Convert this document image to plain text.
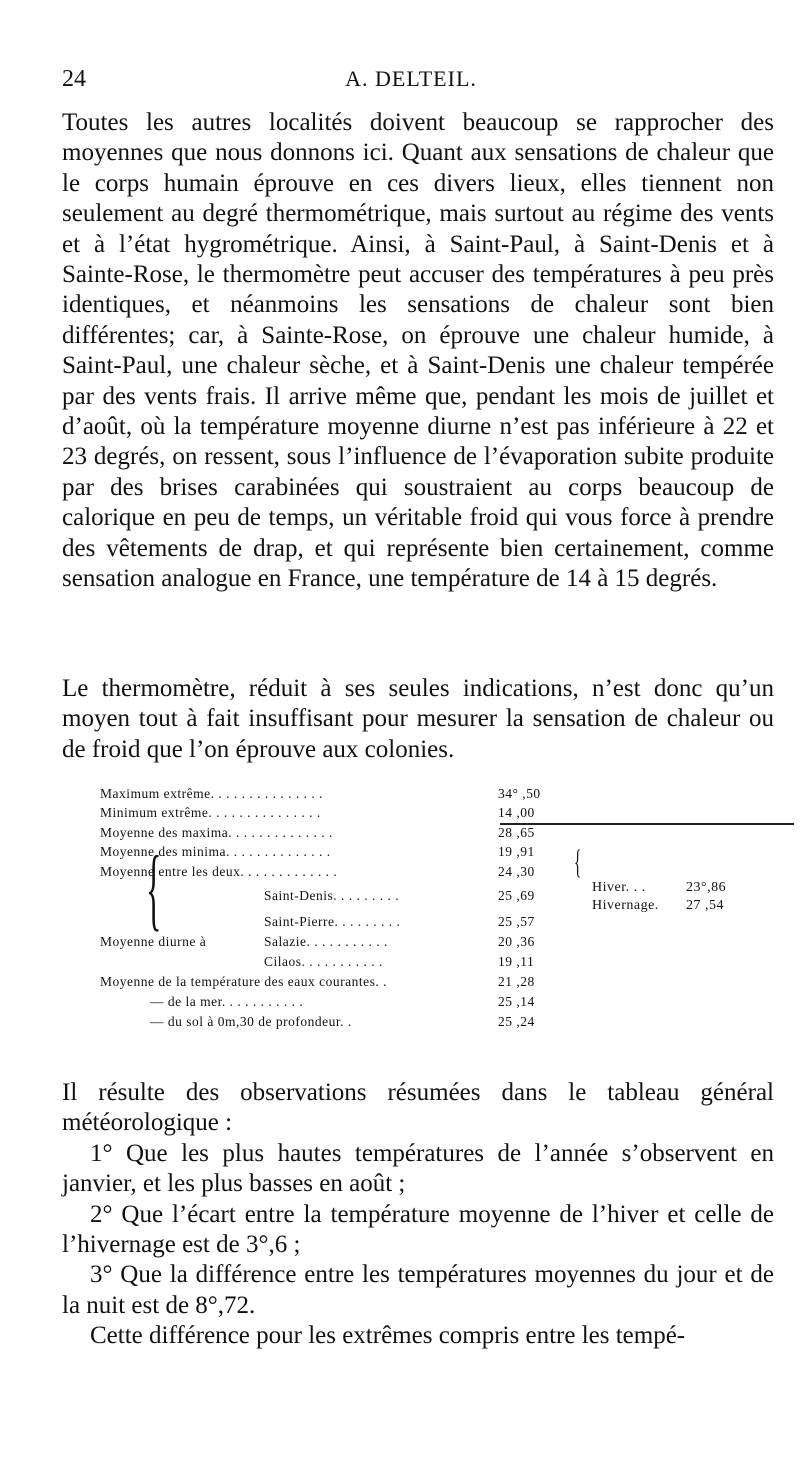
24	A. DELTEIL.

Toutes les autres localités doivent beaucoup se rapprocher des moyennes que nous donnons ici. Quant aux sensations de chaleur que le corps humain éprouve en ces divers lieux, elles tiennent non seulement au degré thermométrique, mais surtout au régime des vents et à l’état hygrométrique. Ainsi, à Saint-Paul, à Saint-Denis et à Sainte-Rose, le thermomètre peut accuser des températures à peu près identiques, et néanmoins les sensations de chaleur sont bien différentes; car, à Sainte-Rose, on éprouve une chaleur humide, à Saint-Paul, une chaleur sèche, et à Saint-Denis une chaleur tempérée par des vents frais. Il arrive même que, pendant les mois de juillet et d’août, où la température moyenne diurne n’est pas inférieure à 22 et 23 degrés, on ressent, sous l’influence de l’évaporation subite produite par des brises carabinées qui soustraient au corps beaucoup de calorique en peu de temps, un véritable froid qui vous force à prendre des vêtements de drap, et qui représente bien certainement, comme sensation analogue en France, une température de 14 à 15 degrés.

Le thermomètre, réduit à ses seules indications, n’est donc qu’un moyen tout à fait insuffisant pour mesurer la sensation de chaleur ou de froid que l’on éprouve aux colonies.

Maximum extrême. . . . . . . . . . . . . . .	34° ,50
Minimum extrême. . . . . . . . . . . . . . .	14 ,00
Moyenne des maxima. . . . . . . . . . . . . .	28 ,65
Moyenne des minima. . . . . . . . . . . . . .	19 ,91
Moyenne entre les deux. . . . . . . . . . . . .	24 ,30
Moyenne diurne à
Saint-Denis. . . . . . . . .	25 ,69
Saint-Pierre. . . . . . . . .	25 ,57
Salazie. . . . . . . . . . .	20 ,36
Cilaos. . . . . . . . . . .	19 ,11
Moyenne de la température des eaux courantes. .	21 ,28
— de la mer. . . . . . . . . . .	25 ,14
— du sol à 0m,30 de profondeur. .	25 ,24
Hiver. . .	23°,86
Hivernage. 27 ,54
{	{

Il résulte des observations résumées dans le tableau général météorologique :
1° Que les plus hautes températures de l’année s’observent en janvier, et les plus basses en août ;
2° Que l’écart entre la température moyenne de l’hiver et celle de l’hivernage est de 3°,6 ;
3° Que la différence entre les températures moyennes du jour et de la nuit est de 8°,72.
Cette différence pour les extrêmes compris entre les tempé-
